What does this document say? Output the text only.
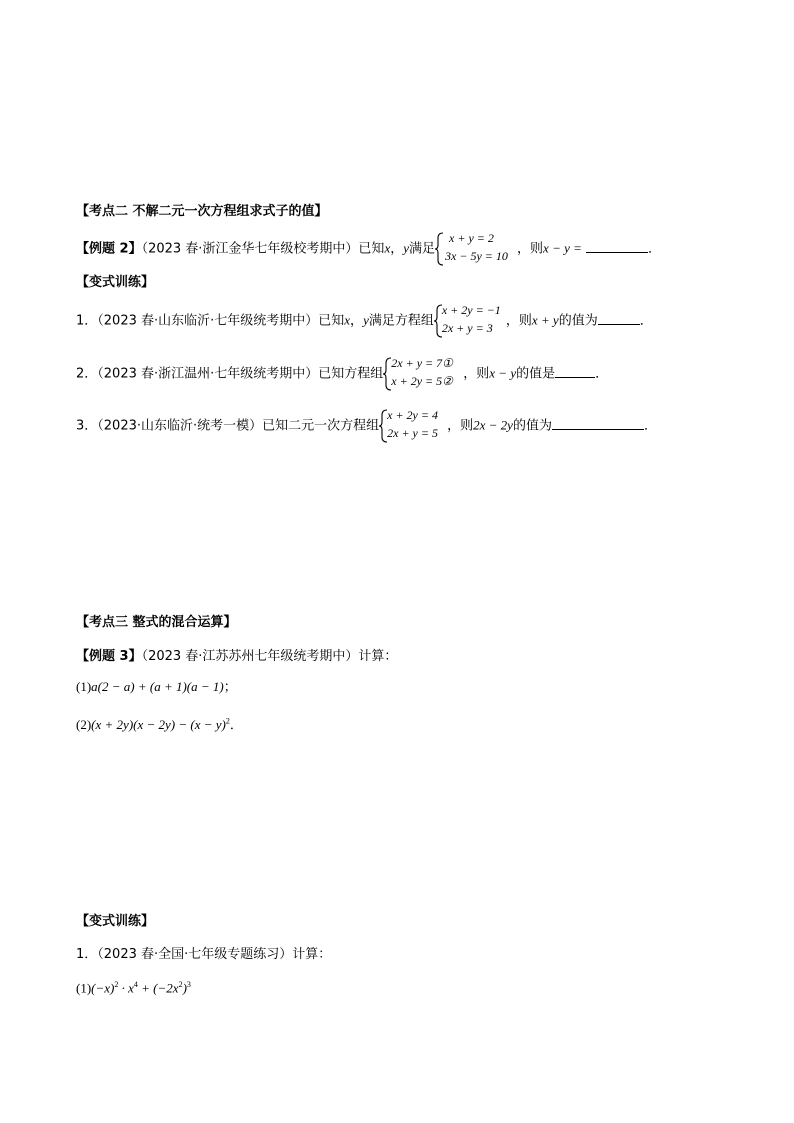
【考点二 不解二元一次方程组求式子的值】
【例题 2】（2023 春·浙江金华七年级校考期中）已知x，y满足
x + y = 2
3x − 5y = 10 ，则x − y =	．
【变式训练】
1．（2023 春·山东临沂·七年级统考期中）已知x，y满足方程组
x + 2y = −1
2x + y = 3 ，则x + y的值为	．
2．（2023 春·浙江温州·七年级统考期中）已知方程组
2x + y = 7①
x + 2y = 5② ，则x − y的值是	．
3．（2023·山东临沂·统考一模）已知二元一次方程组
x + 2y = 4
2x + y = 5 ，则2x − 2y的值为	．
【考点三 整式的混合运算】
【例题 3】（2023 春·江苏苏州七年级统考期中）计算：
(1)a(2 − a) + (a + 1)(a − 1)；
$(2)(x + 2y)(x - 2y) - (x - y)^2$．
【变式训练】
1．（2023 春·全国·七年级专题练习）计算：
$(1)(-x)^2 \cdot x^4 + (-2x^2)^3$
